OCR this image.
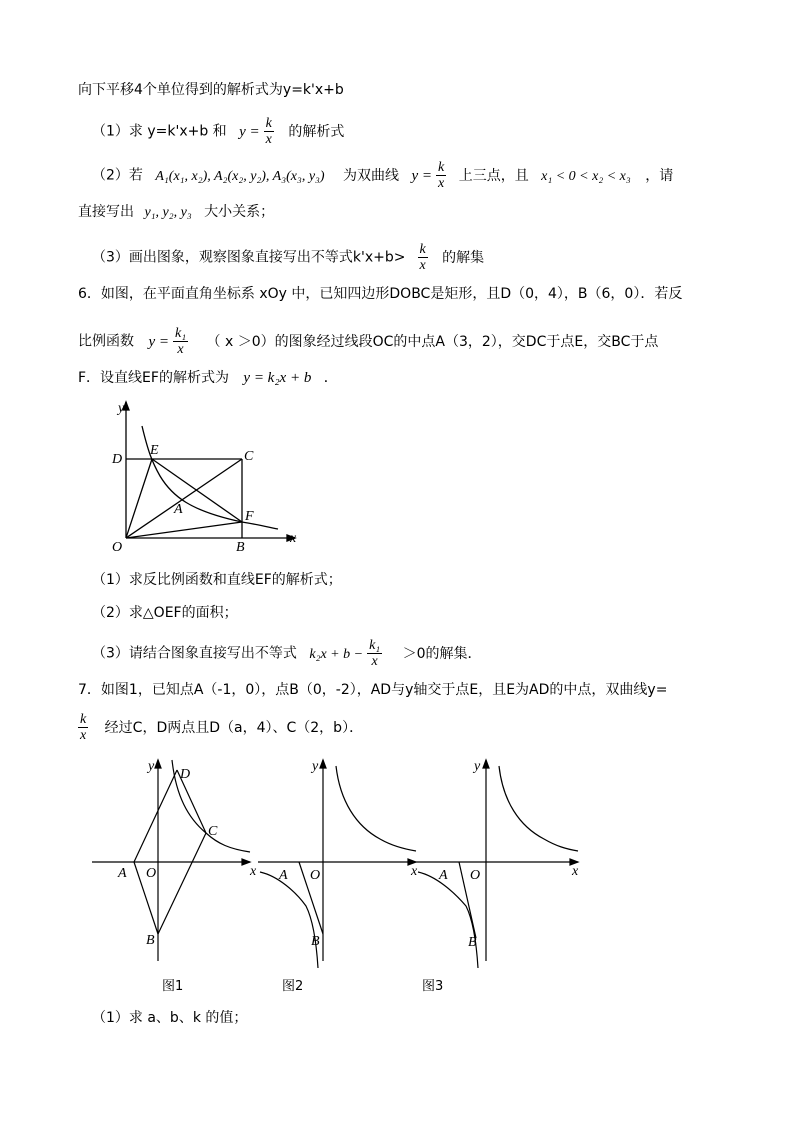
向下平移4个单位得到的解析式为y=k'x+b
（1）求 y=k'x+b 和 $y = \frac{k}{x}$ 的解析式
（2）若 A₁(x₁, x₂), A₂(x₂, y₂), A₃(x₃, y₃) 为双曲线 $y = \frac{k}{x}$ 上三点，且 x₁ < 0 < x₂ < x₃ ，请
直接写出 y₁, y₂, y₃ 大小关系；
（3）画出图象，观察图象直接写出不等式$k'x+b> \frac{k}{x}$ 的解集
6．如图，在平面直角坐标系 xOy 中，已知四边形DOBC是矩形，且D（0，4），B（6，0）．若反
比例函数 $y = \frac{\text{k₁}}{x}$ （ x ＞0）的图象经过线段OC的中点A（3，2），交DC于点E，交BC于点
F．设直线EF的解析式为 y = k₂x + b ．
y
x
O
D
E	C
A	F
B
（1）求反比例函数和直线EF的解析式；
（2）求△OEF的面积；
（3）请结合图象直接写出不等式 $k_2x + b - \frac{\text{k₁}}{x} >0$的解集．
7．如图1，已知点A（-1，0），点B（0，-2），AD与y轴交于点E，且E为AD的中点，双曲线y=
$\frac{k}{x}$ 经过C，D两点且D（a，4）、C（2，b）．
y
x
O
A
B
C
D
图1
y
x
O
A
B
图2
y
x
O
A
B
图3
（1）求 a、b、k 的值；
